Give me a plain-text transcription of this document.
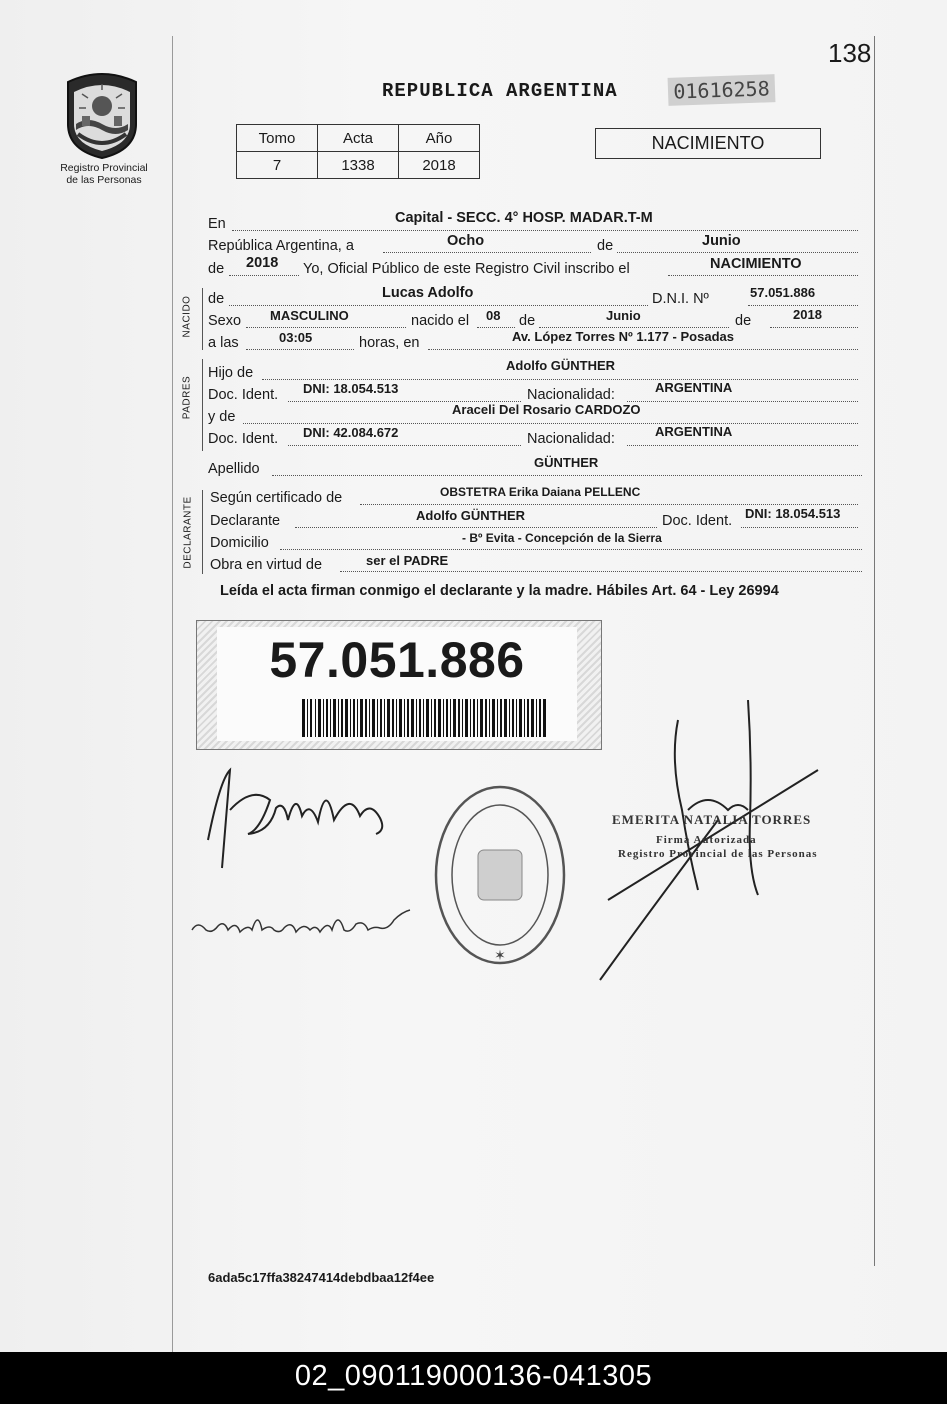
138
REPUBLICA ARGENTINA	01616258
Registro Provincial
de las Personas
Tomo	Acta	Año
7	1338	2018
NACIMIENTO
En	Capital - SECC. 4° HOSP. MADAR.T-M
República Argentina, a	Ocho	de	Junio
de 2018 Yo, Oficial Público de este Registro Civil inscribo el	NACIMIENTO
NACIDO de	Lucas Adolfo	D.N.I. Nº	57.051.886
Sexo MASCULINO	nacido el 08 de	Junio	de	2018
a las	03:05	horas, en	Av. López Torres Nº 1.177 - Posadas
PADRES
Hijo de	Adolfo GÜNTHER
Doc. Ident. DNI: 18.054.513	Nacionalidad:	ARGENTINA
y de	Araceli Del Rosario CARDOZO
Doc. Ident. DNI: 42.084.672	Nacionalidad:	ARGENTINA
Apellido	GÜNTHER
DECLARANTE Según certificado de	OBSTETRA Erika Daiana PELLENC
Declarante	Adolfo GÜNTHER	Doc. Ident. DNI: 18.054.513
Domicilio	- Bº Evita - Concepción de la Sierra
Obra en virtud de	ser el PADRE
Leída el acta firman conmigo el declarante y la madre. Hábiles Art. 64 - Ley 26994
57.051.886
✶
EMERITA NATALIA TORRES
Firma Autorizada
Registro Provincial de las Personas
6ada5c17ffa38247414debdbaa12f4ee
02_090119000136-041305
